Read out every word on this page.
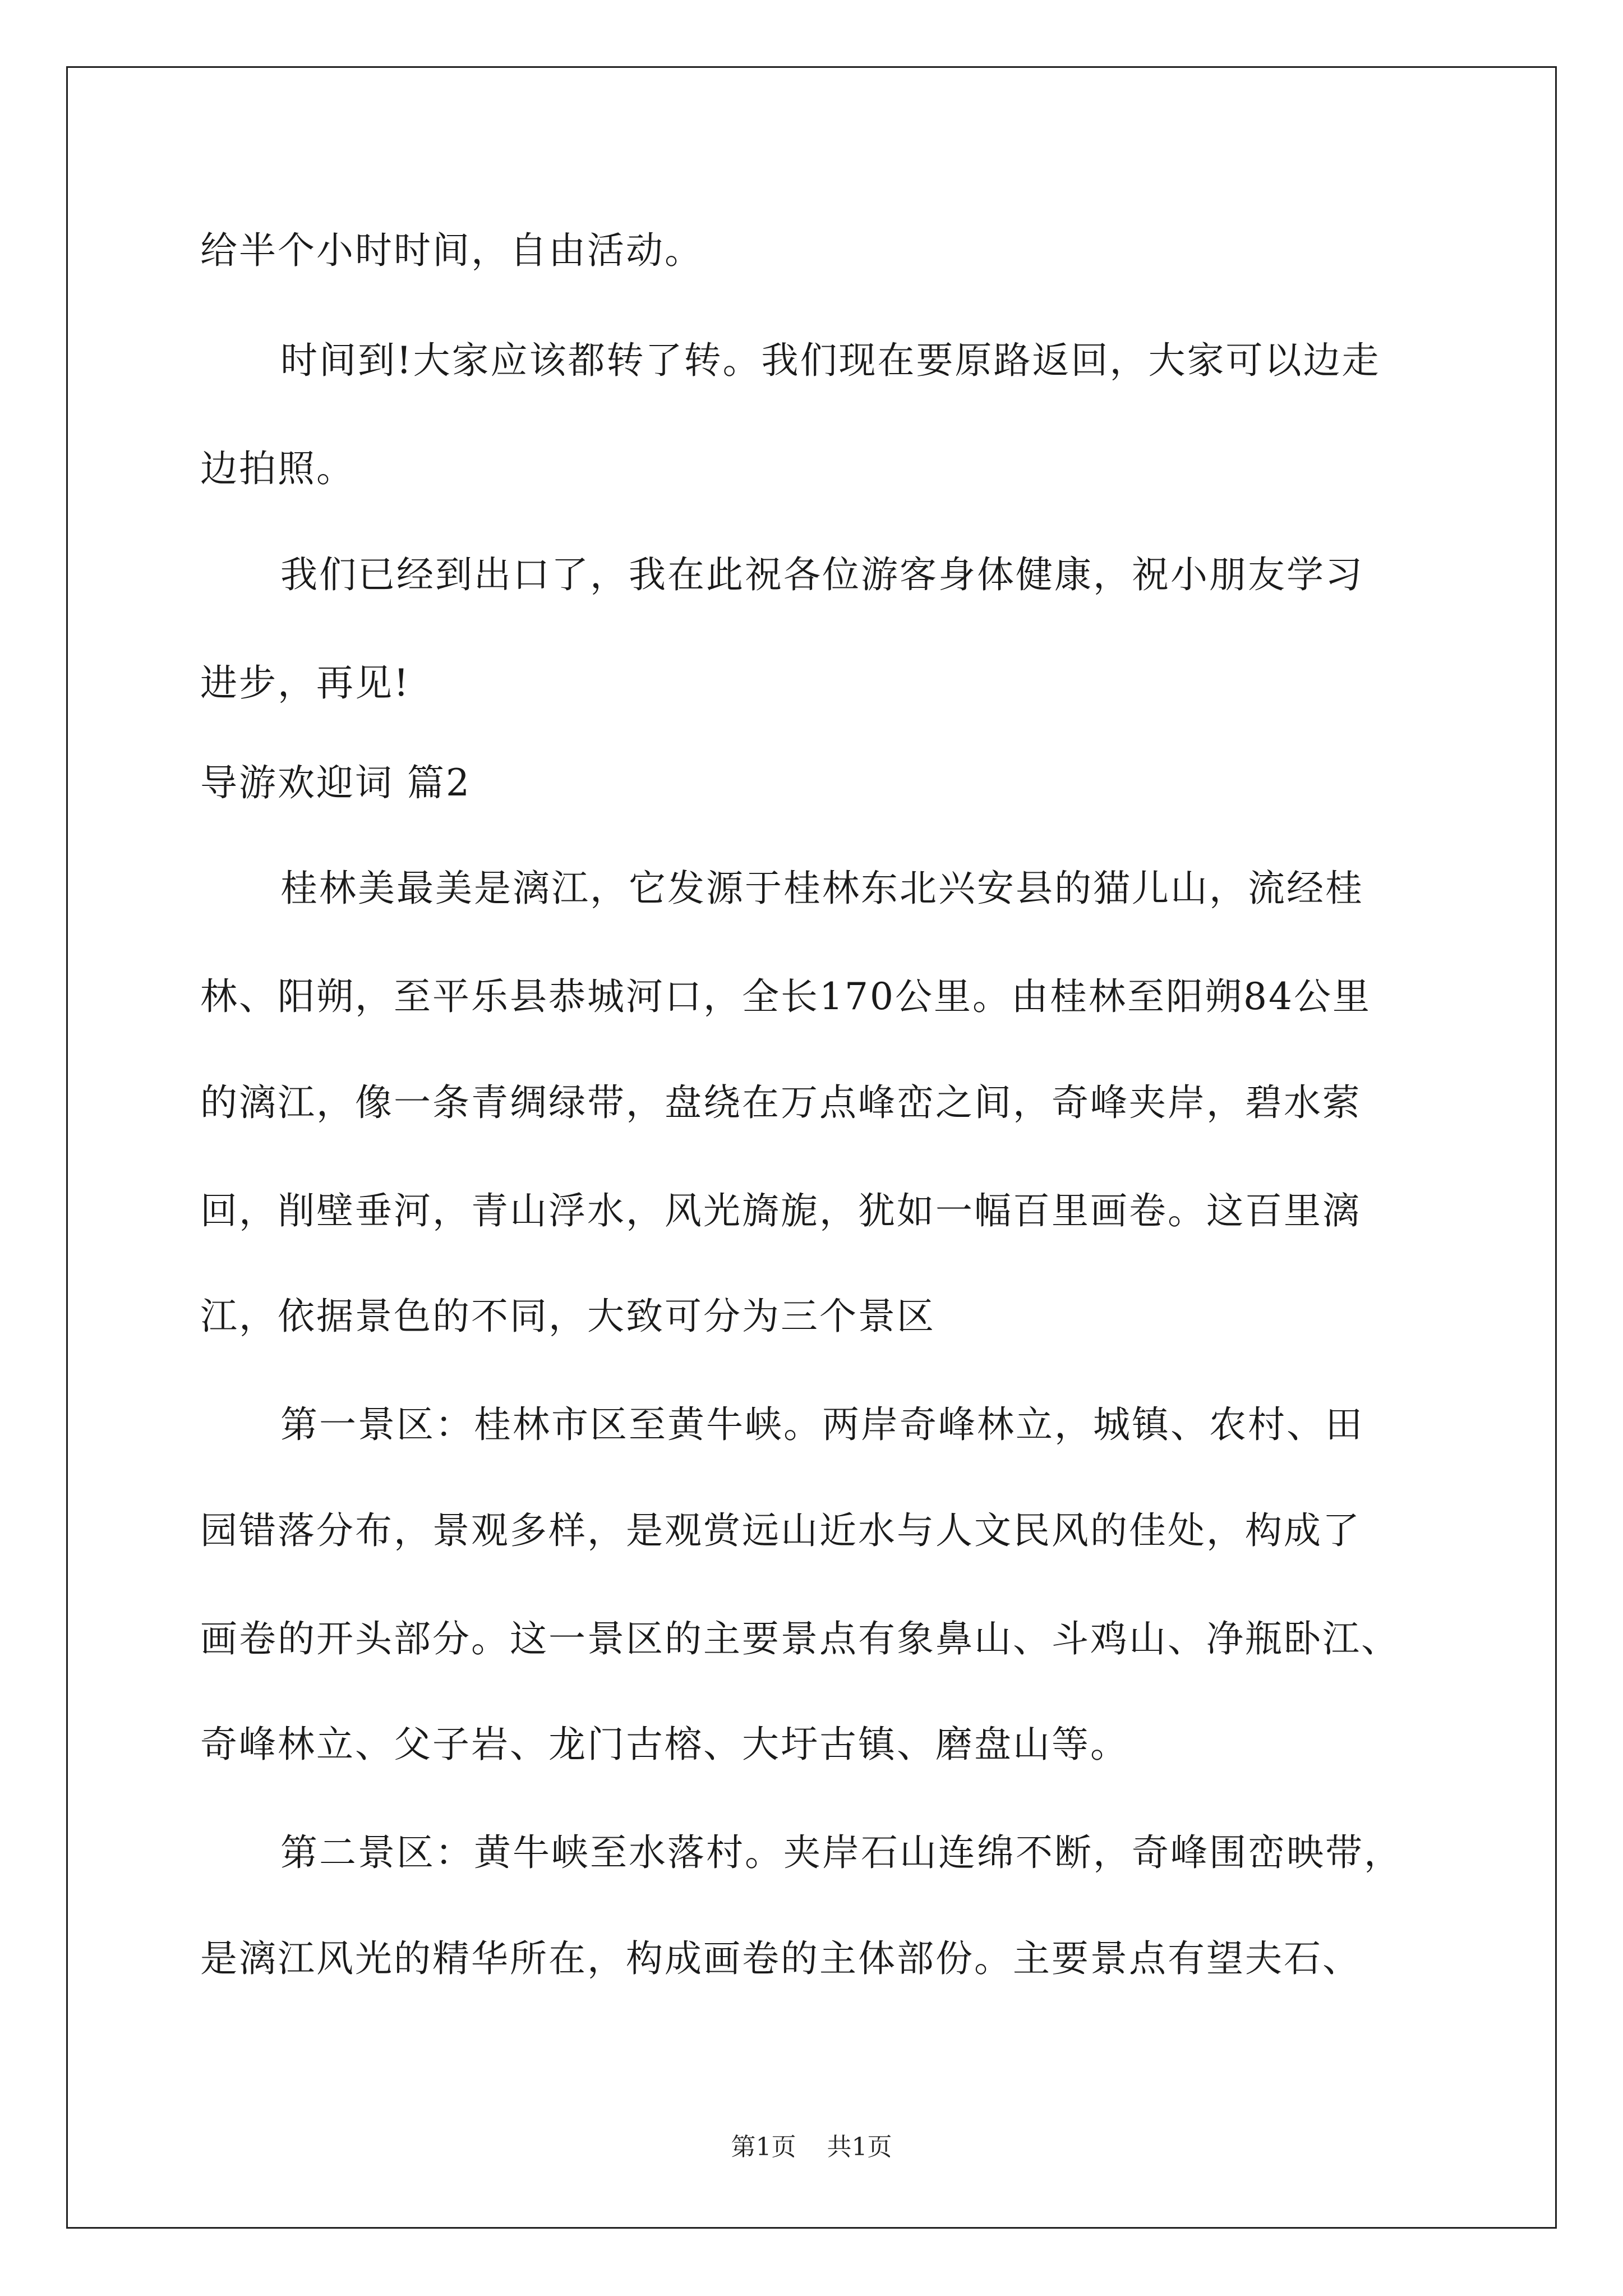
给半个小时时间，自由活动。
时间到!大家应该都转了转。我们现在要原路返回，大家可以边走
边拍照。
我们已经到出口了，我在此祝各位游客身体健康，祝小朋友学习
进步，再见!
导游欢迎词 篇2
桂林美最美是漓江，它发源于桂林东北兴安县的猫儿山，流经桂
林、阳朔，至平乐县恭城河口，全长170公里。由桂林至阳朔84公里
的漓江，像一条青绸绿带，盘绕在万点峰峦之间，奇峰夹岸，碧水萦
回，削壁垂河，青山浮水，风光旖旎，犹如一幅百里画卷。这百里漓
江，依据景色的不同，大致可分为三个景区
第一景区：桂林市区至黄牛峡。两岸奇峰林立，城镇、农村、田
园错落分布，景观多样，是观赏远山近水与人文民风的佳处，构成了
画卷的开头部分。这一景区的主要景点有象鼻山、斗鸡山、净瓶卧江、
奇峰林立、父子岩、龙门古榕、大圩古镇、磨盘山等。
第二景区：黄牛峡至水落村。夹岸石山连绵不断，奇峰围峦映带，
是漓江风光的精华所在，构成画卷的主体部份。主要景点有望夫石、
第1页 共1页
